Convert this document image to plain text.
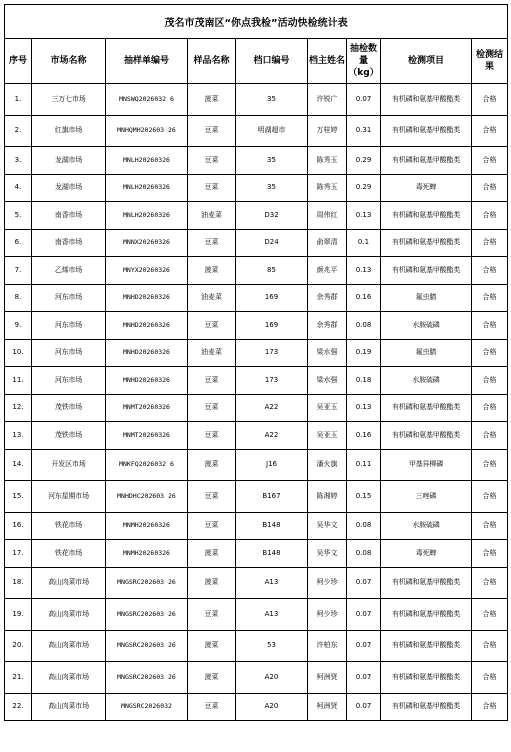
茂名市茂南区“你点我检”活动快检统计表								
序号	市场名称	抽样单编号	样品名称	档口编号	档主姓名	抽检数量（kg）	检测项目	检测结果
1.	三万七市场	MNSWQ2026032 6	菠菜	35	许锐广	0.07	有机磷和氨基甲酸酯类	合格
2.	红旗市场	MNHQMH202603 26	豆菜	明湖超市	万桂婷	0.31	有机磷和氨基甲酸酯类	合格
3.	龙湖市场	MNLH20260326	豆菜	35	陈秀玉	0.29	有机磷和氨基甲酸酯类	合格
4.	龙湖市场	MNLH20260326	豆菜	35	陈秀玉	0.29	毒死蜱	合格
5.	南香市场	MNLH20260326	油麦菜	D32	周伟红	0.13	有机磷和氨基甲酸酯类	合格
6.	南香市场	MNNX20260326	豆菜	D24	俞翠清	0.1	有机磷和氨基甲酸酯类	合格
7.	乙烯市场	MNYX20260326	菠菜	85	颜兆平	0.13	有机磷和氨基甲酸酯类	合格
8.	河东市场	MNHD20260326	油麦菜	169	余秀群	0.16	氟虫腈	合格
9.	河东市场	MNHD20260326	豆菜	169	余秀群	0.08	水胺硫磷	合格
10.	河东市场	MNHD20260326	油麦菜	173	梁水强	0.19	氟虫腈	合格
11.	河东市场	MNHD20260326	豆菜	173	梁水强	0.18	水胺硫磷	合格
12.	茂铁市场	MNMT20260326	豆菜	A22	吴亚玉	0.13	有机磷和氨基甲酸酯类	合格
13.	茂铁市场	MNMT20260326	豆菜	A22	吴亚玉	0.16	有机磷和氨基甲酸酯类	合格
14.	开发区市场	MNKFQ2026032 6	菠菜	J16	潘火旗	0.11	甲基异柳磷	合格
15.	河东星期市场	MNHDHC202603 26	豆菜	B167	陈湘婷	0.15	三唑磷	合格
16.	铁花市场	MNMH20260326	豆菜	B148	吴华文	0.08	水胺硫磷	合格
17.	铁花市场	MNMH20260326	菠菜	B148	吴华文	0.08	毒死蜱	合格
18.	高山肉菜市场	MNGSRC202603 26	菠菜	A13	柯少珍	0.07	有机磷和氨基甲酸酯类	合格
19.	高山肉菜市场	MNGSRC202603 26	豆菜	A13	柯少珍	0.07	有机磷和氨基甲酸酯类	合格
20.	高山肉菜市场	MNGSRC202603 26	菠菜	53	许柏东	0.07	有机磷和氨基甲酸酯类	合格
21.	高山肉菜市场	MNGSRC202603 26	菠菜	A20	柯洲贤	0.07	有机磷和氨基甲酸酯类	合格
22.	高山肉菜市场	MNGSRC2026032	豆菜	A20	柯洲贤	0.07	有机磷和氨基甲酸酯类	合格
